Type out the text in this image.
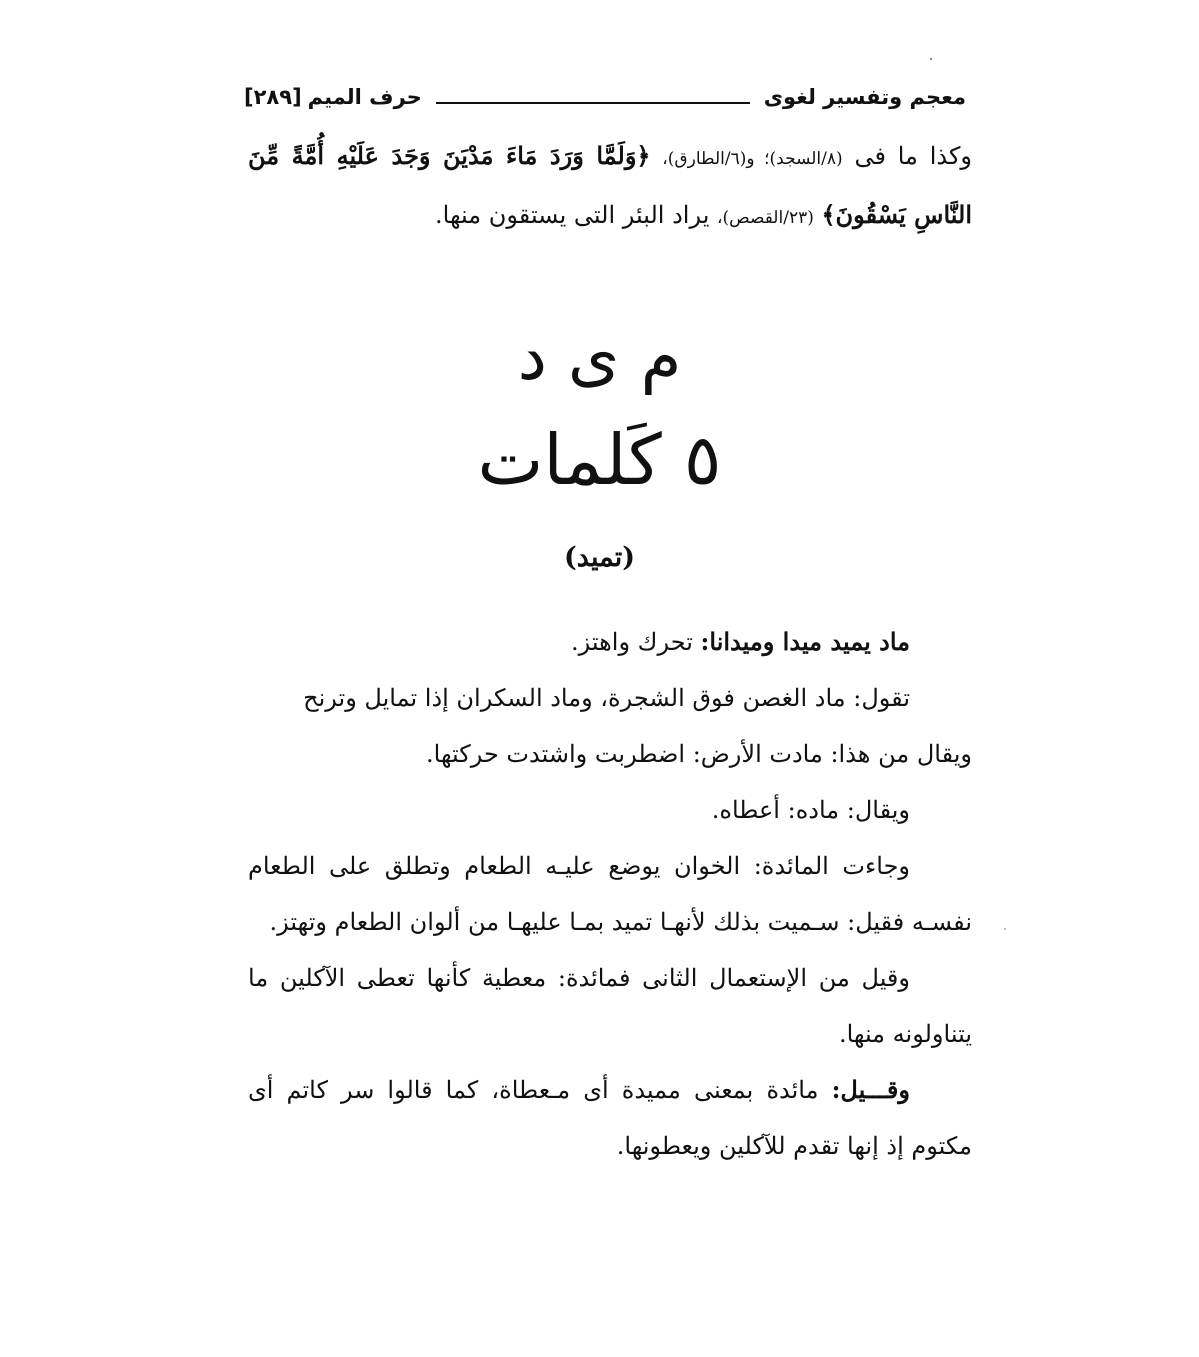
معجم وتفسير لغوى
حرف الميم
[٢٨٩]

وكذا ما فى (٨/السجد)؛ و(٦/الطارق)، ﴿وَلَمَّا وَرَدَ مَاءَ مَدْيَنَ وَجَدَ عَلَيْهِ أُمَّةً مِّنَ النَّاسِ يَسْقُونَ﴾ (٢٣/القصص)، يراد البئر التى يستقون منها.

م ى د
٥ كَلمات
(تميد)

ماد يميد ميدا وميدانا: تحرك واهتز.

تقول: ماد الغصن فوق الشجرة، وماد السكران إذا تمايل وترنح

ويقال من هذا: مادت الأرض: اضطربت واشتدت حركتها.

ويقال: ماده: أعطاه.

وجاءت المائدة: الخوان يوضع عليـه الطعام وتطلق على الطعام نفسـه فقيل: سـميت بذلك لأنهـا تميد بمـا عليهـا من ألوان الطعام وتهتز.

وقيل من الإستعمال الثانى فمائدة: معطية كأنها تعطى الآكلين ما يتناولونه منها.

وقـــيل: مائدة بمعنى مميدة أى مـعطاة، كما قالوا سر كاتم أى مكتوم إذ إنها تقدم للآكلين ويعطونها.
